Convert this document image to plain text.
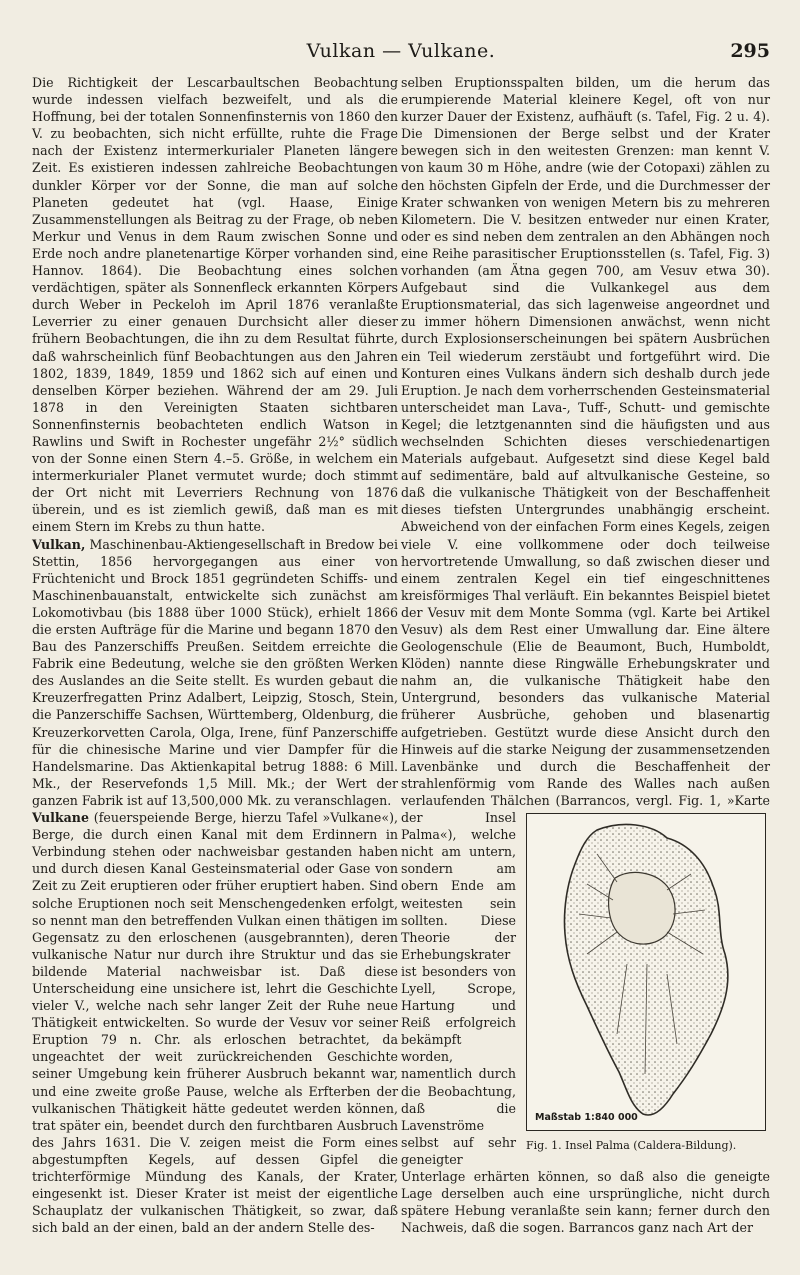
Vulkan — Vulkane.	295

Die Richtigkeit der Lescarbaultschen Beobachtung wurde indessen vielfach bezweifelt, und als die Hoffnung, bei der totalen Sonnenfinsternis von 1860 den V. zu beobachten, sich nicht erfüllte, ruhte die Frage nach der Existenz intermerkurialer Planeten längere Zeit. Es existieren indessen zahlreiche Beobachtungen dunkler Körper vor der Sonne, die man auf solche Planeten gedeutet hat (vgl. Haase, Einige Zusammenstellungen als Beitrag zu der Frage, ob neben Merkur und Venus in dem Raum zwischen Sonne und Erde noch andre planetenartige Körper vorhanden sind, Hannov. 1864). Die Beobachtung eines solchen verdächtigen, später als Sonnenfleck erkannten Körpers durch Weber in Peckeloh im April 1876 veranlaßte Leverrier zu einer genauen Durchsicht aller dieser frühern Beobachtungen, die ihn zu dem Resultat führte, daß wahrscheinlich fünf Beobachtungen aus den Jahren 1802, 1839, 1849, 1859 und 1862 sich auf einen und denselben Körper beziehen. Während der am 29. Juli 1878 in den Vereinigten Staaten sichtbaren Sonnenfinsternis beobachteten endlich Watson in Rawlins und Swift in Rochester ungefähr 2½° südlich von der Sonne einen Stern 4.–5. Größe, in welchem ein intermerkurialer Planet vermutet wurde; doch stimmt der Ort nicht mit Leverriers Rechnung von 1876 überein, und es ist ziemlich gewiß, daß man es mit einem Stern im Krebs zu thun hatte.

Vulkan, Maschinenbau-Aktiengesellschaft in Bredow bei Stettin, 1856 hervorgegangen aus einer von Früchtenicht und Brock 1851 gegründeten Schiffs- und Maschinenbauanstalt, entwickelte sich zunächst am Lokomotivbau (bis 1888 über 1000 Stück), erhielt 1866 die ersten Aufträge für die Marine und begann 1870 den Bau des Panzerschiffs Preußen. Seitdem erreichte die Fabrik eine Bedeutung, welche sie den größten Werken des Auslandes an die Seite stellt. Es wurden gebaut die Kreuzerfregatten Prinz Adalbert, Leipzig, Stosch, Stein, die Panzerschiffe Sachsen, Württemberg, Oldenburg, die Kreuzerkorvetten Carola, Olga, Irene, fünf Panzerschiffe für die chinesische Marine und vier Dampfer für die Handelsmarine. Das Aktienkapital betrug 1888: 6 Mill. Mk., der Reservefonds 1,5 Mill. Mk.; der Wert der ganzen Fabrik ist auf 13,500,000 Mk. zu veranschlagen.

Vulkane (feuerspeiende Berge, hierzu Tafel »Vulkane«), Berge, die durch einen Kanal mit dem Erdinnern in Verbindung stehen oder nachweisbar gestanden haben und durch diesen Kanal Gesteinsmaterial oder Gase von Zeit zu Zeit eruptieren oder früher eruptiert haben. Sind solche Eruptionen noch seit Menschengedenken erfolgt, so nennt man den betreffenden Vulkan einen thätigen im Gegensatz zu den erloschenen (ausgebrannten), deren vulkanische Natur nur durch ihre Struktur und das sie bildende Material nachweisbar ist. Daß diese Unterscheidung eine unsichere ist, lehrt die Geschichte vieler V., welche nach sehr langer Zeit der Ruhe neue Thätigkeit entwickelten. So wurde der Vesuv vor seiner Eruption 79 n. Chr. als erloschen betrachtet, da ungeachtet der weit zurückreichenden Geschichte seiner Umgebung kein früherer Ausbruch bekannt war, und eine zweite große Pause, welche als Erfterben der vulkanischen Thätigkeit hätte gedeutet werden können, trat später ein, beendet durch den furchtbaren Ausbruch des Jahrs 1631. Die V. zeigen meist die Form eines abgestumpften Kegels, auf dessen Gipfel die trichterförmige Mündung des Kanals, der Krater, eingesenkt ist. Dieser Krater ist meist der eigentliche Schauplatz der vulkanischen Thätigkeit, so zwar, daß sich bald an der einen, bald an der andern Stelle des-

selben Eruptionsspalten bilden, um die herum das erumpierende Material kleinere Kegel, oft von nur kurzer Dauer der Existenz, aufhäuft (s. Tafel, Fig. 2 u. 4). Die Dimensionen der Berge selbst und der Krater bewegen sich in den weitesten Grenzen: man kennt V. von kaum 30 m Höhe, andre (wie der Cotopaxi) zählen zu den höchsten Gipfeln der Erde, und die Durchmesser der Krater schwanken von wenigen Metern bis zu mehreren Kilometern. Die V. besitzen entweder nur einen Krater, oder es sind neben dem zentralen an den Abhängen noch eine Reihe parasitischer Eruptionsstellen (s. Tafel, Fig. 3) vorhanden (am Ätna gegen 700, am Vesuv etwa 30). Aufgebaut sind die Vulkankegel aus dem Eruptionsmaterial, das sich lagenweise angeordnet und zu immer höhern Dimensionen anwächst, wenn nicht durch Explosionserscheinungen bei spätern Ausbrüchen ein Teil wiederum zerstäubt und fortgeführt wird. Die Konturen eines Vulkans ändern sich deshalb durch jede Eruption. Je nach dem vorherrschenden Gesteinsmaterial unterscheidet man Lava-, Tuff-, Schutt- und gemischte Kegel; die letztgenannten sind die häufigsten und aus wechselnden Schichten dieses verschiedenartigen Materials aufgebaut. Aufgesetzt sind diese Kegel bald auf sedimentäre, bald auf altvulkanische Gesteine, so daß die vulkanische Thätigkeit von der Beschaffenheit dieses tiefsten Untergrundes unabhängig erscheint. Abweichend von der einfachen Form eines Kegels, zeigen viele V. eine vollkommene oder doch teilweise hervortretende Umwallung, so daß zwischen dieser und einem zentralen Kegel ein tief eingeschnittenes kreisförmiges Thal verläuft. Ein bekanntes Beispiel bietet der Vesuv mit dem Monte Somma (vgl. Karte bei Artikel Vesuv) als dem Rest einer Umwallung dar. Eine ältere Geologenschule (Elie de Beaumont, Buch, Humboldt, Klöden) nannte diese Ringwälle Erhebungskrater und nahm an, die vulkanische Thätigkeit habe den Untergrund, besonders das vulkanische Material früherer Ausbrüche, gehoben und blasenartig aufgetrieben. Gestützt wurde diese Ansicht durch den Hinweis auf die starke Neigung der zusammensetzenden Lavenbänke und durch die Beschaffenheit der strahlenförmig vom Rande des Walles nach außen verlaufenden Thälchen (Barrancos,
Maßstab 1:840 000
Fig. 1. Insel Palma (Caldera-Bildung).
vergl. Fig. 1, »Karte der Insel Palma«), welche nicht am untern, sondern am obern Ende am weitesten sein sollten. Diese Theorie der Erhebungskrater ist besonders von Lyell, Scrope, Hartung und Reiß erfolgreich bekämpft worden, namentlich durch die Beobachtung, daß die Lavenströme selbst auf sehr geneigter Unterlage erhärten können, so daß also die geneigte Lage derselben auch eine ursprüngliche, nicht durch spätere Hebung veranlaßte sein kann; ferner durch den Nachweis, daß die sogen. Barrancos ganz nach Art der
